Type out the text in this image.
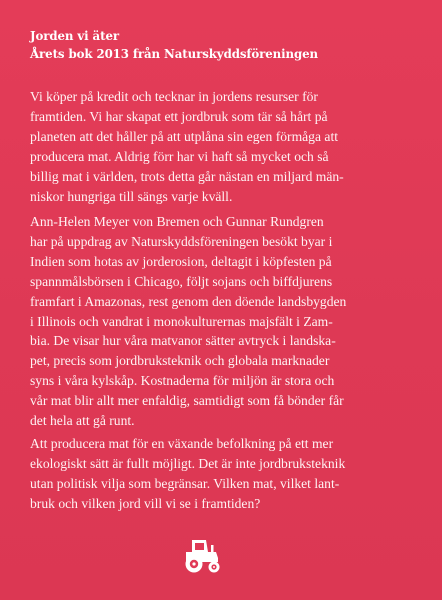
Jorden vi äter
Årets bok 2013 från Naturskyddsföreningen
Vi köper på kredit och tecknar in jordens resurser för
framtiden. Vi har skapat ett jordbruk som tär så hårt på
planeten att det håller på att utplåna sin egen förmåga att
producera mat. Aldrig förr har vi haft så mycket och så
billig mat i världen, trots detta går nästan en miljard män-
niskor hungriga till sängs varje kväll.
Ann-Helen Meyer von Bremen och Gunnar Rundgren
har på uppdrag av Naturskyddsföreningen besökt byar i
Indien som hotas av jorderosion, deltagit i köpfesten på
spannmålsbörsen i Chicago, följt sojans och biffdjurens
framfart i Amazonas, rest genom den döende landsbygden
i Illinois och vandrat i monokulturernas majsfält i Zam-
bia. De visar hur våra matvanor sätter avtryck i landska-
pet, precis som jordbruksteknik och globala marknader
syns i våra kylskåp. Kostnaderna för miljön är stora och
vår mat blir allt mer enfaldig, samtidigt som få bönder får
det hela att gå runt.
Att producera mat för en växande befolkning på ett mer
ekologiskt sätt är fullt möjligt. Det är inte jordbruksteknik
utan politisk vilja som begränsar. Vilken mat, vilket lant-
bruk och vilken jord vill vi se i framtiden?
